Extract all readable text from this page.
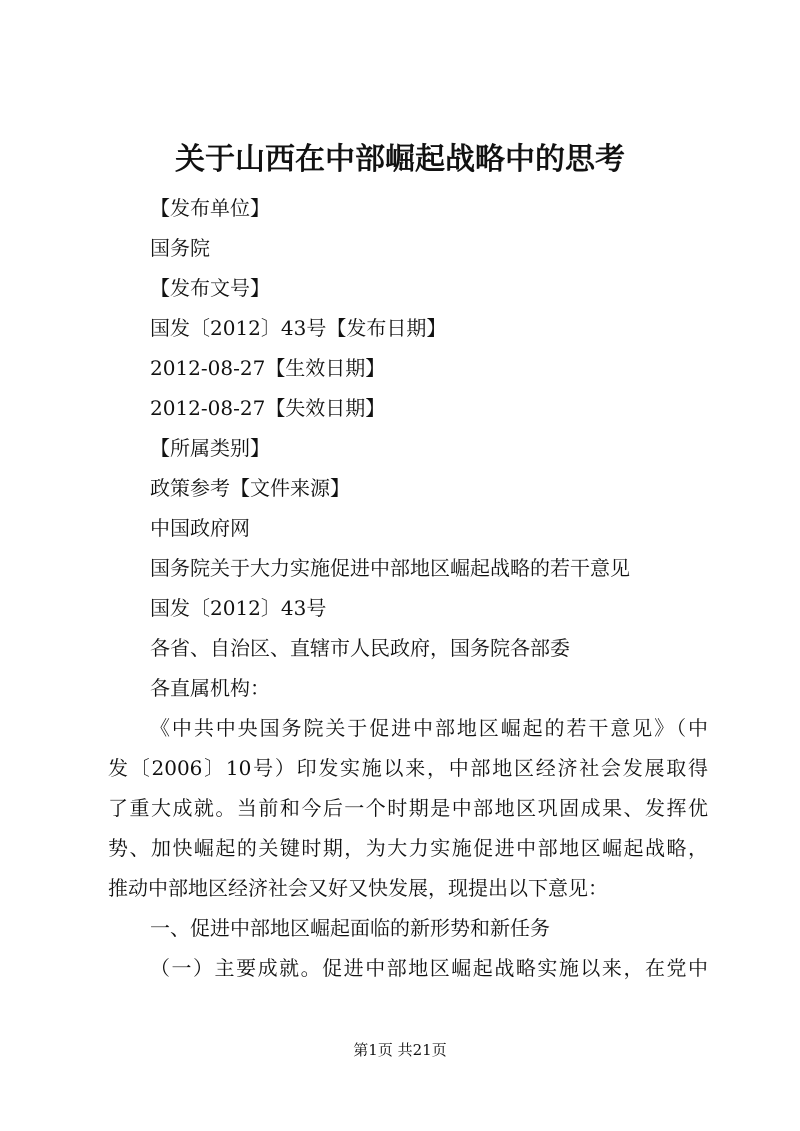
关于山西在中部崛起战略中的思考
【发布单位】
国务院
【发布文号】
国发〔2012〕43号【发布日期】
2012-08-27【生效日期】
2012-08-27【失效日期】
【所属类别】
政策参考【文件来源】
中国政府网
国务院关于大力实施促进中部地区崛起战略的若干意见
国发〔2012〕43号
各省、自治区、直辖市人民政府，国务院各部委
各直属机构：
《中共中央国务院关于促进中部地区崛起的若干意见》（中
发〔2006〕10号）印发实施以来，中部地区经济社会发展取得
了重大成就。当前和今后一个时期是中部地区巩固成果、发挥优
势、加快崛起的关键时期，为大力实施促进中部地区崛起战略，
推动中部地区经济社会又好又快发展，现提出以下意见：
一、促进中部地区崛起面临的新形势和新任务
（一）主要成就。促进中部地区崛起战略实施以来，在党中
第1页 共21页
